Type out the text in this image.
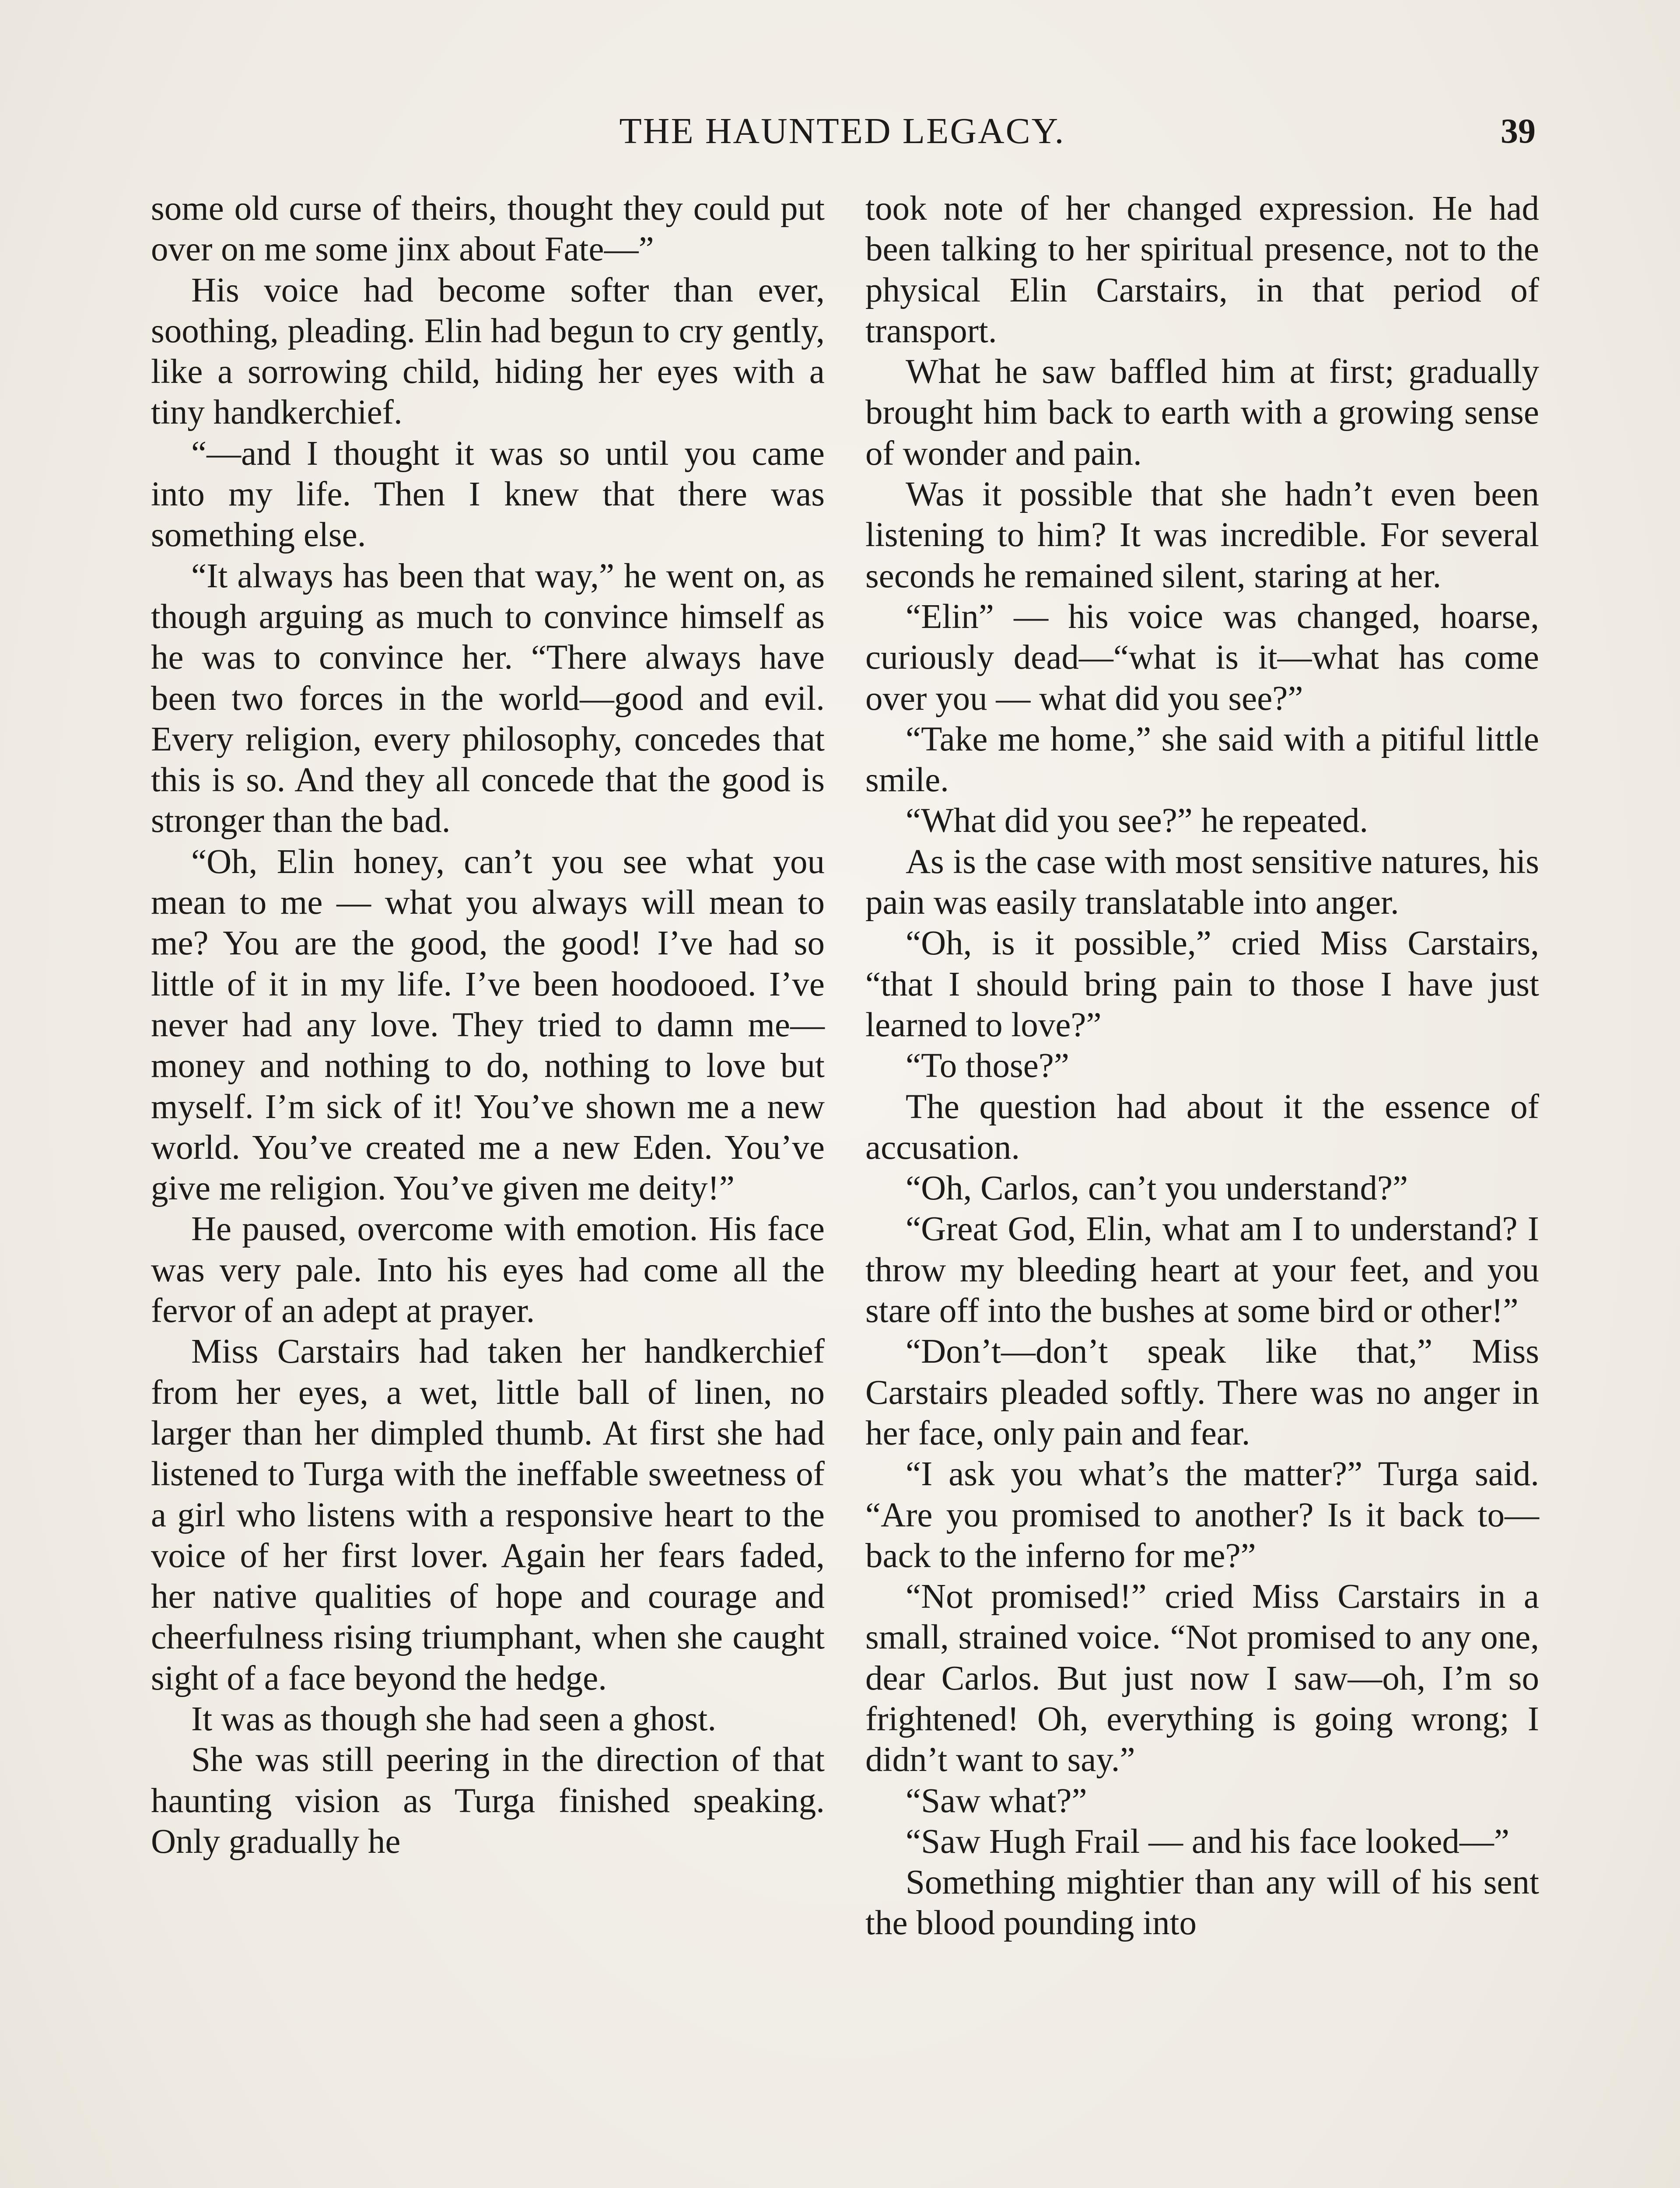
THE HAUNTED LEGACY.	39

some old curse of theirs, thought they could put over on me some jinx about Fate—”

His voice had become softer than ever, soothing, pleading. Elin had begun to cry gently, like a sorrowing child, hiding her eyes with a tiny handkerchief.

“—and I thought it was so until you came into my life. Then I knew that there was something else.

“It always has been that way,” he went on, as though arguing as much to convince himself as he was to convince her. “There always have been two forces in the world—good and evil. Every religion, every philosophy, concedes that this is so. And they all concede that the good is stronger than the bad.

“Oh, Elin honey, can’t you see what you mean to me — what you always will mean to me? You are the good, the good! I’ve had so little of it in my life. I’ve been hoodooed. I’ve never had any love. They tried to damn me—money and nothing to do, nothing to love but myself. I’m sick of it! You’ve shown me a new world. You’ve created me a new Eden. You’ve give me religion. You’ve given me deity!”

He paused, overcome with emotion. His face was very pale. Into his eyes had come all the fervor of an adept at prayer.

Miss Carstairs had taken her handkerchief from her eyes, a wet, little ball of linen, no larger than her dimpled thumb. At first she had listened to Turga with the ineffable sweetness of a girl who listens with a responsive heart to the voice of her first lover. Again her fears faded, her native qualities of hope and courage and cheerfulness rising triumphant, when she caught sight of a face beyond the hedge.

It was as though she had seen a ghost.

She was still peering in the direction of that haunting vision as Turga finished speaking. Only gradually he

took note of her changed expression. He had been talking to her spiritual presence, not to the physical Elin Carstairs, in that period of transport.

What he saw baffled him at first; gradually brought him back to earth with a growing sense of wonder and pain.

Was it possible that she hadn’t even been listening to him? It was incredible. For several seconds he remained silent, staring at her.

“Elin” — his voice was changed, hoarse, curiously dead—“what is it—what has come over you — what did you see?”

“Take me home,” she said with a pitiful little smile.

“What did you see?” he repeated.

As is the case with most sensitive natures, his pain was easily translatable into anger.

“Oh, is it possible,” cried Miss Carstairs, “that I should bring pain to those I have just learned to love?”

“To those?”

The question had about it the essence of accusation.

“Oh, Carlos, can’t you understand?”

“Great God, Elin, what am I to understand? I throw my bleeding heart at your feet, and you stare off into the bushes at some bird or other!”

“Don’t—don’t speak like that,” Miss Carstairs pleaded softly. There was no anger in her face, only pain and fear.

“I ask you what’s the matter?” Turga said. “Are you promised to another? Is it back to—back to the inferno for me?”

“Not promised!” cried Miss Carstairs in a small, strained voice. “Not promised to any one, dear Carlos. But just now I saw—oh, I’m so frightened! Oh, everything is going wrong; I didn’t want to say.”

“Saw what?”

“Saw Hugh Frail — and his face looked—”

Something mightier than any will of his sent the blood pounding into
